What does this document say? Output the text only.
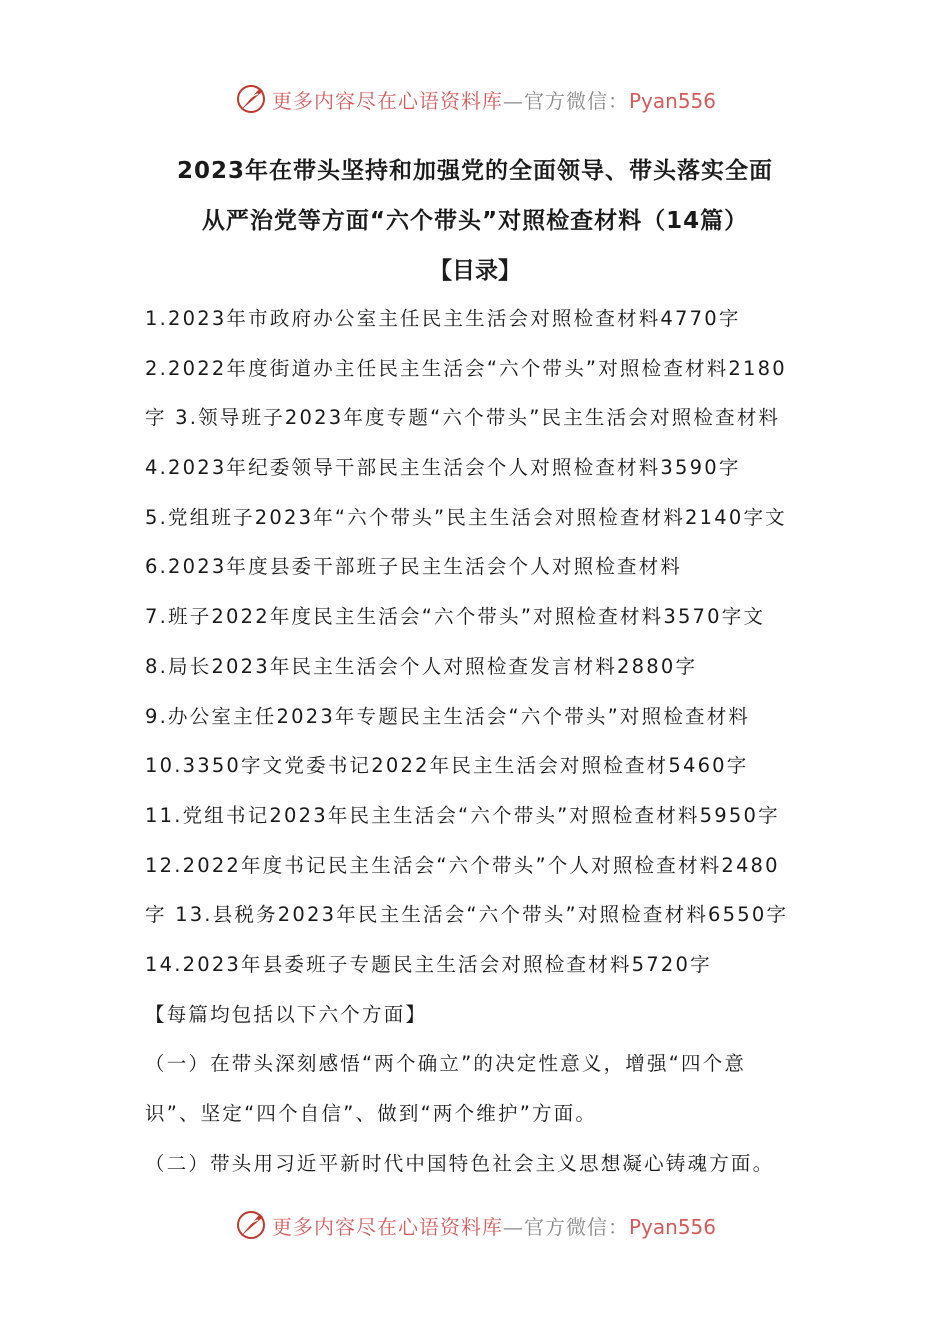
更多内容尽在心语资料库—官方微信：Pyan556
2023年在带头坚持和加强党的全面领导、带头落实全面
从严治党等方面“六个带头”对照检查材料（14篇）
【目录】
1.2023年市政府办公室主任民主生活会对照检查材料4770字
2.2022年度街道办主任民主生活会“六个带头”对照检查材料2180
字 3.领导班子2023年度专题“六个带头”民主生活会对照检查材料
4.2023年纪委领导干部民主生活会个人对照检查材料3590字
5.党组班子2023年“六个带头”民主生活会对照检查材料2140字文
6.2023年度县委干部班子民主生活会个人对照检查材料
7.班子2022年度民主生活会“六个带头”对照检查材料3570字文
8.局长2023年民主生活会个人对照检查发言材料2880字
9.办公室主任2023年专题民主生活会“六个带头”对照检查材料
10.3350字文党委书记2022年民主生活会对照检查材5460字
11.党组书记2023年民主生活会“六个带头”对照检查材料5950字
12.2022年度书记民主生活会“六个带头”个人对照检查材料2480
字 13.县税务2023年民主生活会“六个带头”对照检查材料6550字
14.2023年县委班子专题民主生活会对照检查材料5720字
【每篇均包括以下六个方面】
（一）在带头深刻感悟“两个确立”的决定性意义，增强“四个意
识”、坚定“四个自信”、做到“两个维护”方面。
（二）带头用习近平新时代中国特色社会主义思想凝心铸魂方面。
更多内容尽在心语资料库—官方微信：Pyan556
